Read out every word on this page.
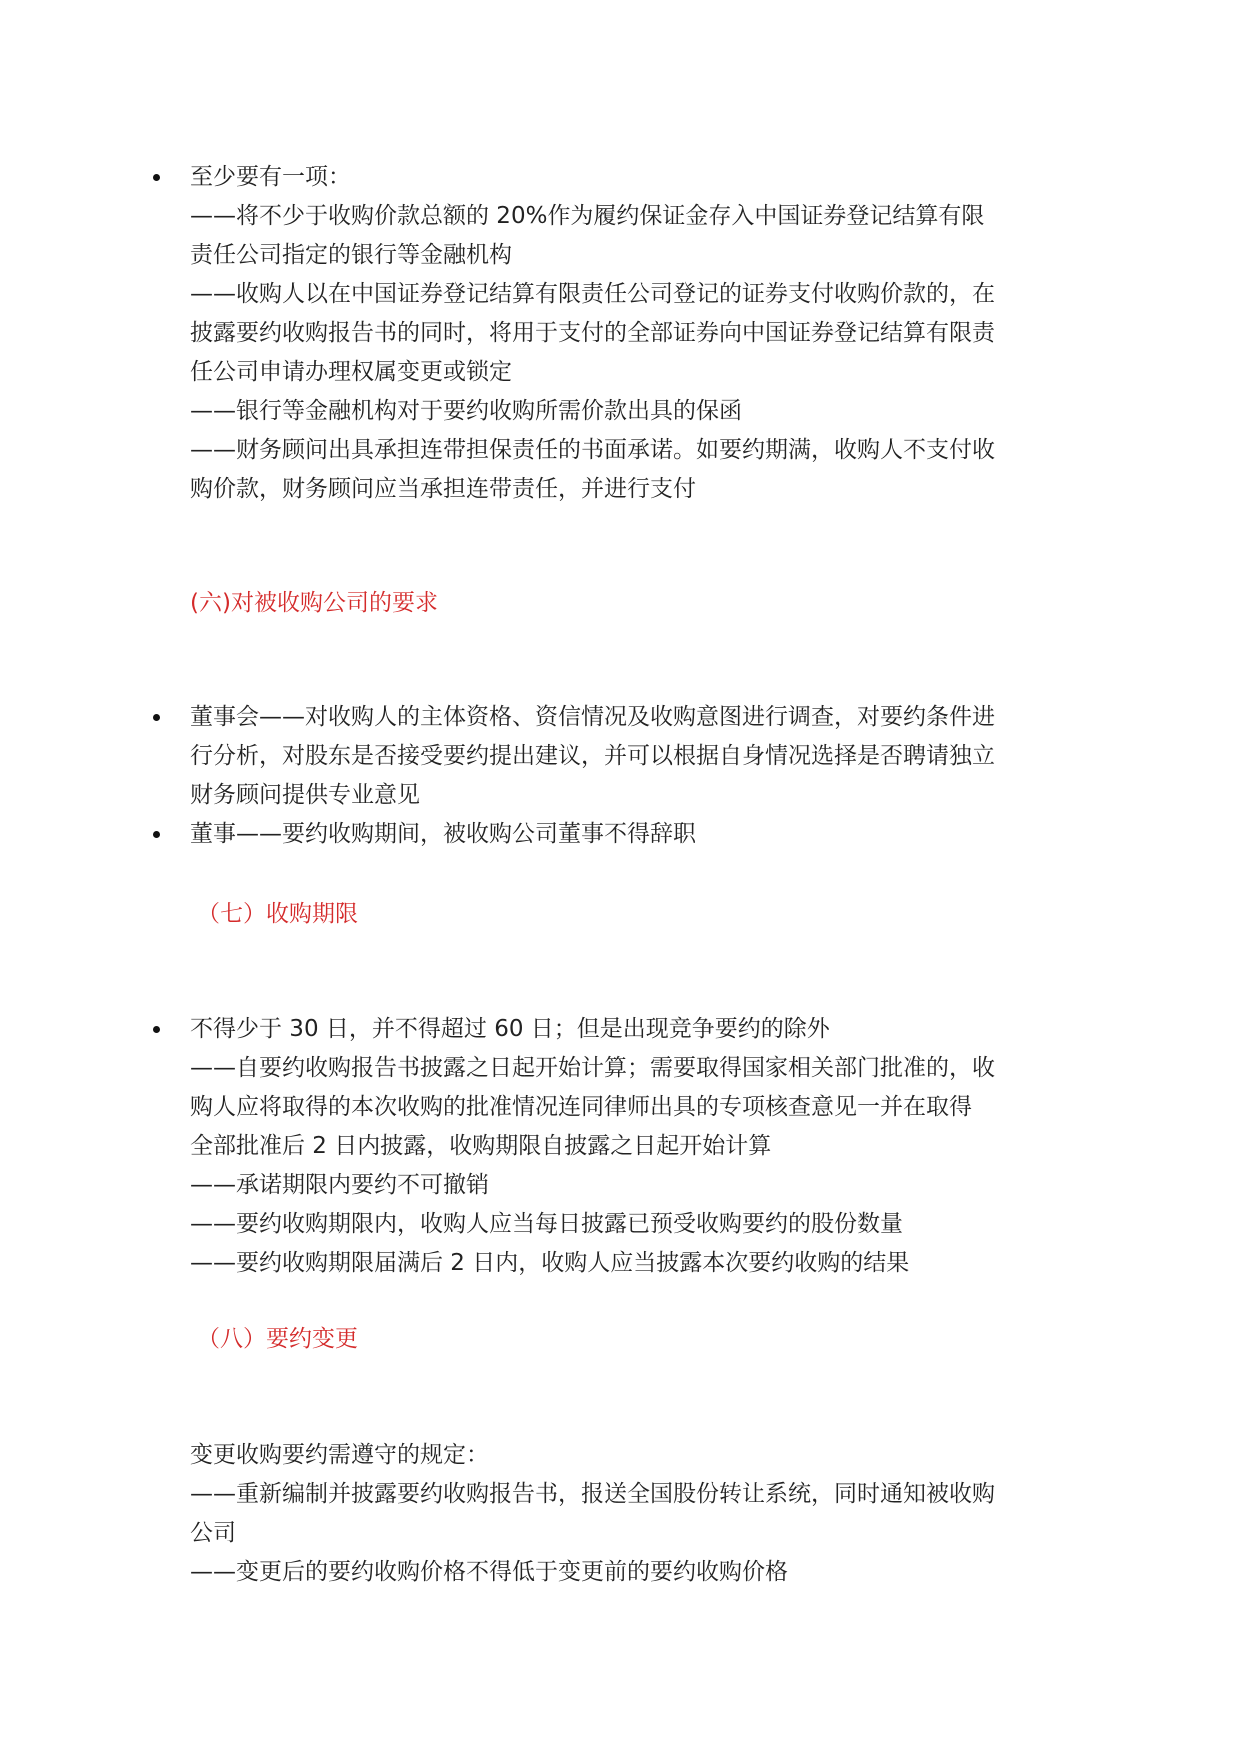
至少要有一项：
——将不少于收购价款总额的 20%作为履约保证金存入中国证券登记结算有限
责任公司指定的银行等金融机构
——收购人以在中国证券登记结算有限责任公司登记的证券支付收购价款的，在
披露要约收购报告书的同时，将用于支付的全部证券向中国证券登记结算有限责
任公司申请办理权属变更或锁定
——银行等金融机构对于要约收购所需价款出具的保函
——财务顾问出具承担连带担保责任的书面承诺。如要约期满，收购人不支付收
购价款，财务顾问应当承担连带责任，并进行支付
(六)对被收购公司的要求
董事会——对收购人的主体资格、资信情况及收购意图进行调查，对要约条件进
行分析，对股东是否接受要约提出建议，并可以根据自身情况选择是否聘请独立
财务顾问提供专业意见
董事——要约收购期间，被收购公司董事不得辞职
（七）收购期限
不得少于 30 日，并不得超过 60 日；但是出现竞争要约的除外
——自要约收购报告书披露之日起开始计算；需要取得国家相关部门批准的，收
购人应将取得的本次收购的批准情况连同律师出具的专项核查意见一并在取得
全部批准后 2 日内披露，收购期限自披露之日起开始计算
——承诺期限内要约不可撤销
——要约收购期限内，收购人应当每日披露已预受收购要约的股份数量
——要约收购期限届满后 2 日内，收购人应当披露本次要约收购的结果
（八）要约变更
变更收购要约需遵守的规定：
——重新编制并披露要约收购报告书，报送全国股份转让系统，同时通知被收购
公司
——变更后的要约收购价格不得低于变更前的要约收购价格
